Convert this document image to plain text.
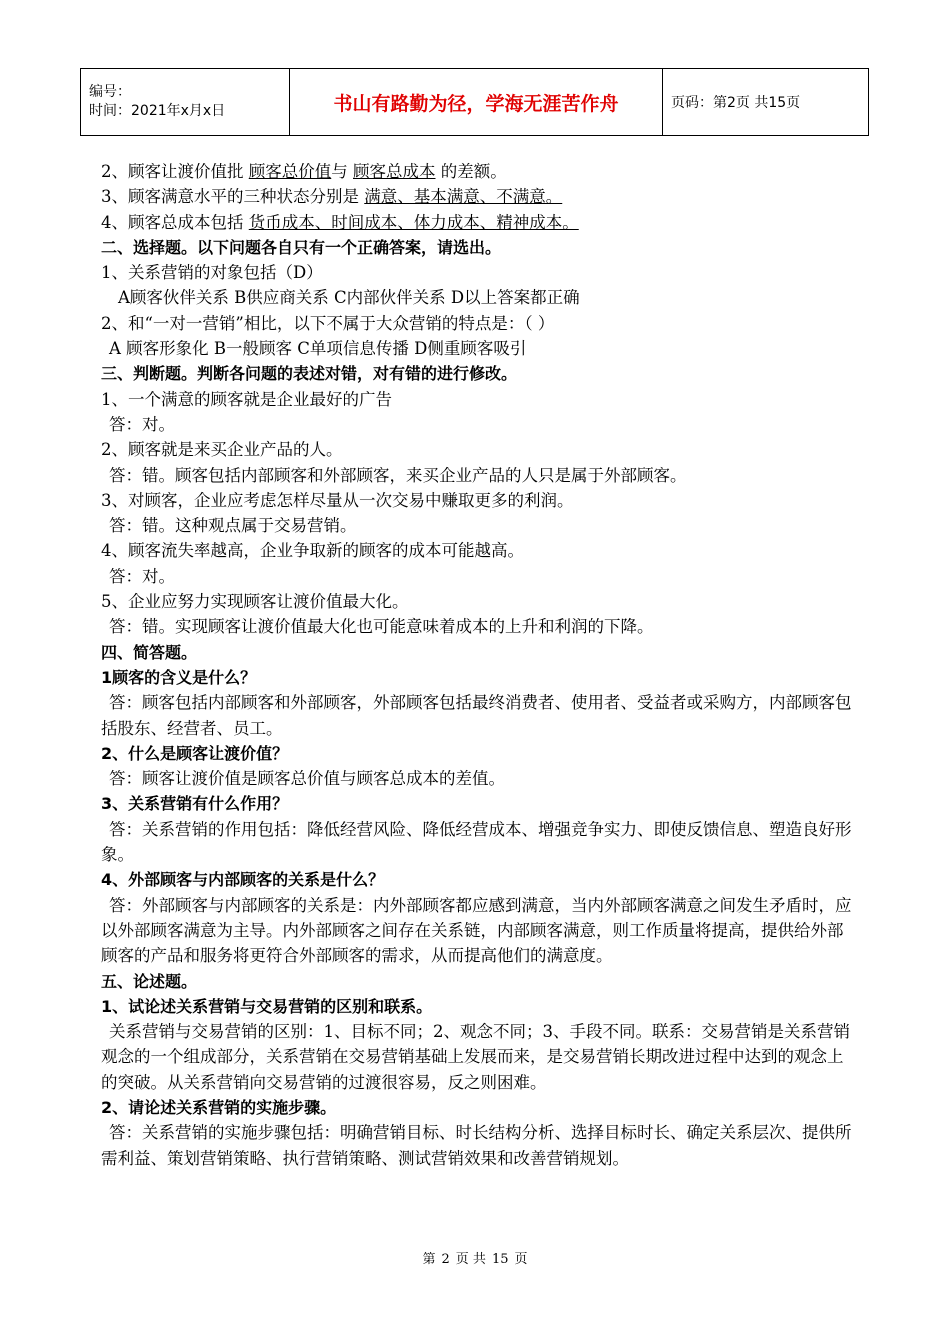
编号：
时间：2021年x月x日	书山有路勤为径，学海无涯苦作舟	页码：第2页 共15页
2、顾客让渡价值批 顾客总价值与 顾客总成本 的差额。
3、顾客满意水平的三种状态分别是 满意、基本满意、不满意。
4、顾客总成本包括 货币成本、时间成本、体力成本、精神成本。
二、选择题。以下问题各自只有一个正确答案，请选出。
1、关系营销的对象包括（D）
A顾客伙伴关系 B供应商关系 C内部伙伴关系 D以上答案都正确
2、和“一对一营销”相比，以下不属于大众营销的特点是：（ ）
A 顾客形象化 B一般顾客 C单项信息传播 D侧重顾客吸引
三、判断题。判断各问题的表述对错，对有错的进行修改。
1、一个满意的顾客就是企业最好的广告
答：对。
2、顾客就是来买企业产品的人。
答：错。顾客包括内部顾客和外部顾客，来买企业产品的人只是属于外部顾客。
3、对顾客，企业应考虑怎样尽量从一次交易中赚取更多的利润。
答：错。这种观点属于交易营销。
4、顾客流失率越高，企业争取新的顾客的成本可能越高。
答：对。
5、企业应努力实现顾客让渡价值最大化。
答：错。实现顾客让渡价值最大化也可能意味着成本的上升和利润的下降。
四、简答题。
1顾客的含义是什么？
答：顾客包括内部顾客和外部顾客，外部顾客包括最终消费者、使用者、受益者或采购方，内部顾客包括股东、经营者、员工。
2、什么是顾客让渡价值？
答：顾客让渡价值是顾客总价值与顾客总成本的差值。
3、关系营销有什么作用？
答：关系营销的作用包括：降低经营风险、降低经营成本、增强竞争实力、即使反馈信息、塑造良好形象。
4、外部顾客与内部顾客的关系是什么？
答：外部顾客与内部顾客的关系是：内外部顾客都应感到满意，当内外部顾客满意之间发生矛盾时，应以外部顾客满意为主导。内外部顾客之间存在关系链，内部顾客满意，则工作质量将提高，提供给外部顾客的产品和服务将更符合外部顾客的需求，从而提高他们的满意度。
五、论述题。
1、试论述关系营销与交易营销的区别和联系。
关系营销与交易营销的区别：1、目标不同；2、观念不同；3、手段不同。联系：交易营销是关系营销观念的一个组成部分，关系营销在交易营销基础上发展而来，是交易营销长期改进过程中达到的观念上的突破。从关系营销向交易营销的过渡很容易，反之则困难。
2、请论述关系营销的实施步骤。
答：关系营销的实施步骤包括：明确营销目标、时长结构分析、选择目标时长、确定关系层次、提供所需利益、策划营销策略、执行营销策略、测试营销效果和改善营销规划。
第 2 页 共 15 页
